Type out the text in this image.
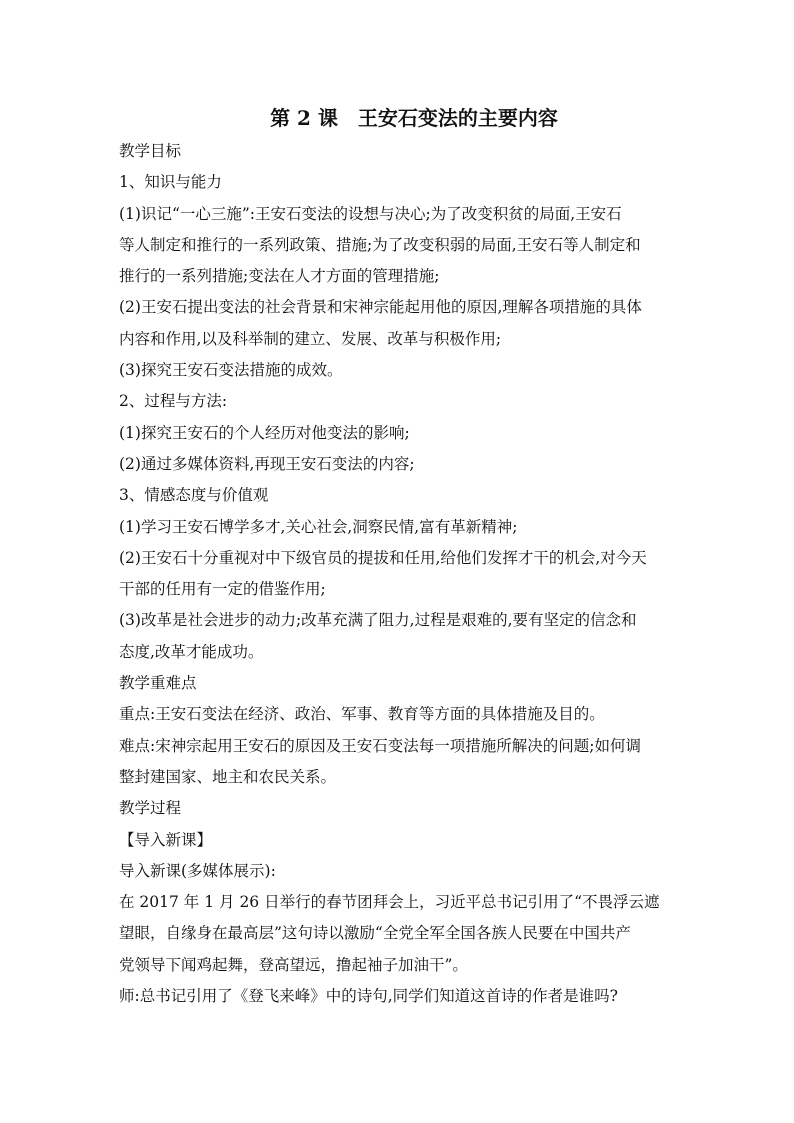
第 2 课　王安石变法的主要内容

教学目标

1、知识与能力

(1)识记“一心三施”:王安石变法的设想与决心;为了改变积贫的局面,王安石

等人制定和推行的一系列政策、措施;为了改变积弱的局面,王安石等人制定和

推行的一系列措施;变法在人才方面的管理措施;

(2)王安石提出变法的社会背景和宋神宗能起用他的原因,理解各项措施的具体

内容和作用,以及科举制的建立、发展、改革与积极作用;

(3)探究王安石变法措施的成效。

2、过程与方法:

(1)探究王安石的个人经历对他变法的影响;

(2)通过多媒体资料,再现王安石变法的内容;

3、情感态度与价值观

(1)学习王安石博学多才,关心社会,洞察民情,富有革新精神;

(2)王安石十分重视对中下级官员的提拔和任用,给他们发挥才干的机会,对今天

干部的任用有一定的借鉴作用;

(3)改革是社会进步的动力;改革充满了阻力,过程是艰难的,要有坚定的信念和

态度,改革才能成功。

教学重难点

重点:王安石变法在经济、政治、军事、教育等方面的具体措施及目的。

难点:宋神宗起用王安石的原因及王安石变法每一项措施所解决的问题;如何调

整封建国家、地主和农民关系。

教学过程

【导入新课】

导入新课(多媒体展示):

在 2017 年 1 月 26 日举行的春节团拜会上，习近平总书记引用了“不畏浮云遮

望眼，自缘身在最高层”这句诗以激励“全党全军全国各族人民要在中国共产

党领导下闻鸡起舞，登高望远，撸起袖子加油干”。

师:总书记引用了《登飞来峰》中的诗句,同学们知道这首诗的作者是谁吗?
